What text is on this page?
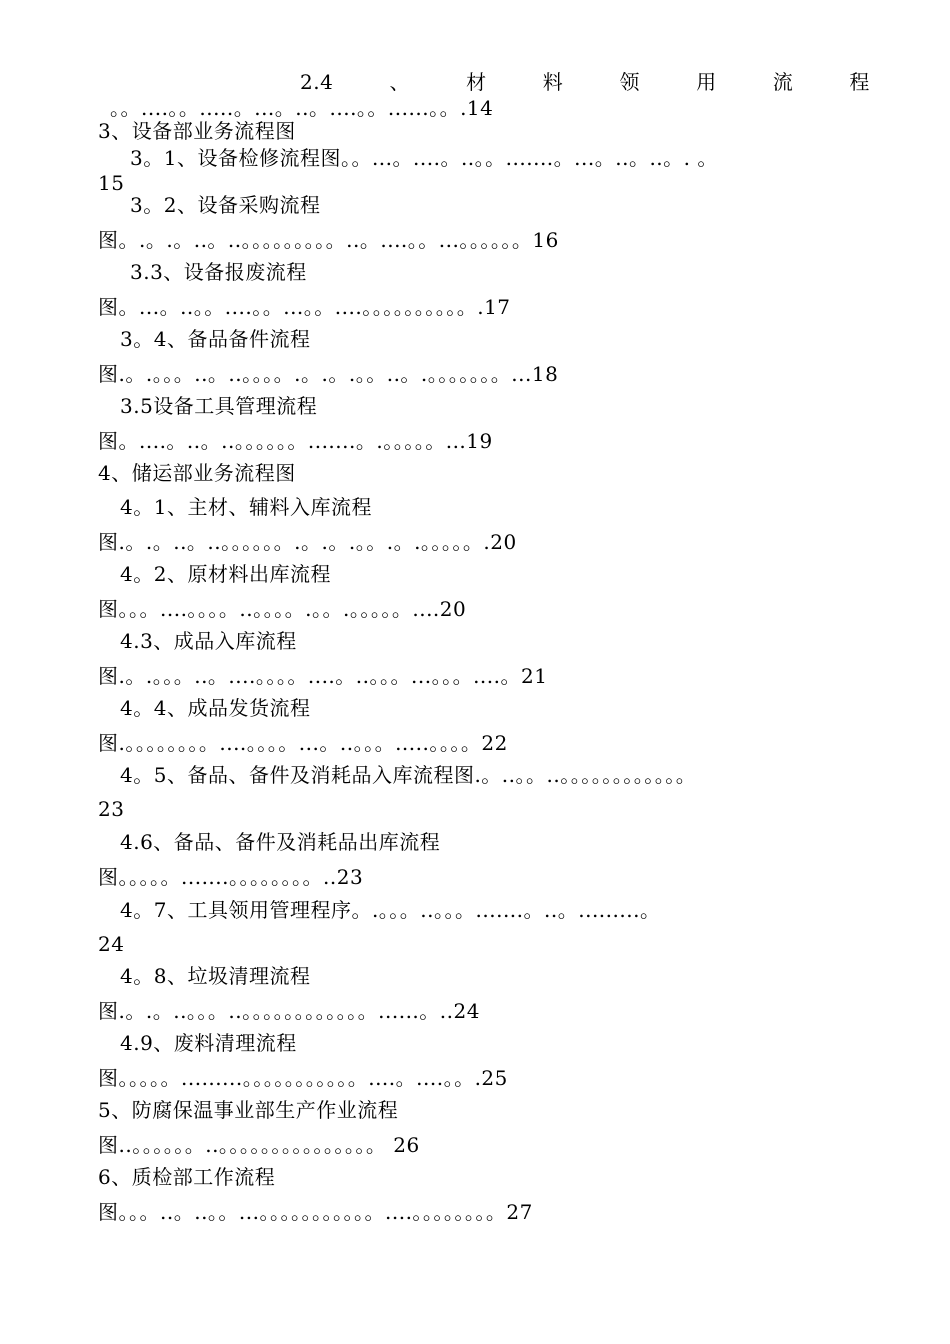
2.4	、	材	料	领	用	流	程
。。....。。.....。...。..。....。。......。。.14
3、设备部业务流程图
3。1、设备检修流程图。。...。....。..。。.......。...。..。..。. 。
15
3。2、设备采购流程
图。.。.。..。..。。。。。。。。。..。....。。...。。。。。。16
3.3、设备报废流程
图。...。..。。....。。...。。....。。。。。。。。。。.17
3。4、备品备件流程
图.。.。。。..。..。。。。.。.。.。。..。.。。。。。。。...18
3.5设备工具管理流程
图。....。..。..。。。。。。.......。.。。。。。...19
4、储运部业务流程图
4。1、主材、辅料入库流程
图.。.。..。..。。。。。。.。.。.。。.。.。。。。。.20
4。2、原材料出库流程
图。。。....。。。。..。。。。.。。.。。。。。....20
4.3、成品入库流程
图.。.。。。..。....。。。。....。..。。。...。。。....。21
4。4、成品发货流程
图.。。。。。。。。....。。。。...。..。。。.....。。。。22
4。5、备品、备件及消耗品入库流程图.。..。。..。。。。。。。。。。。。
23
4.6、备品、备件及消耗品出库流程
图。。。。。.......。。。。。。。。..23
4。7、工具领用管理程序。.。。。..。。。.......。..。.........。
24
4。8、垃圾清理流程
图.。.。..。。。..。。。。。。。。。。。。......。..24
4.9、废料清理流程
图。。。。。.........。。。。。。。。。。。....。....。。.25
5、防腐保温事业部生产作业流程
图..。。。。。。..。。。。。。。。。。。。。。。 26
6、质检部工作流程
图。。。..。..。。...。。。。。。。。。。。....。。。。。。。。27
